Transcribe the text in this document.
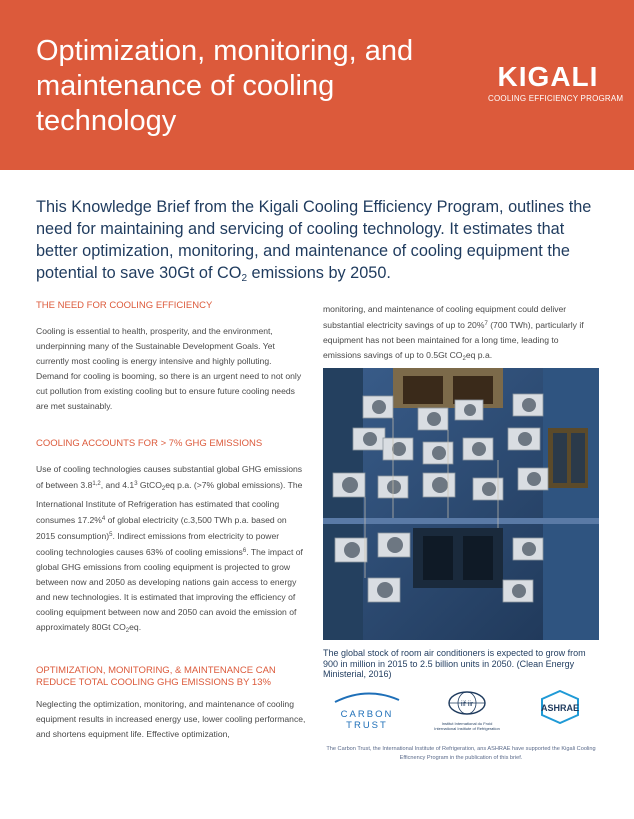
Optimization, monitoring, and maintenance of cooling technology
KIGALI
COOLING EFFICIENCY PROGRAM

This Knowledge Brief from the Kigali Cooling Efficiency Program, outlines the need for maintaining and servicing of cooling technology. It estimates that better optimization, monitoring, and maintenance of cooling equipment the potential to save 30Gt of $CO_2$ emissions by 2050.

THE NEED FOR COOLING EFFICIENCY

Cooling is essential to health, prosperity, and the environment, underpinning many of the Sustainable Development Goals. Yet currently most cooling is energy intensive and highly polluting. Demand for cooling is booming, so there is an urgent need to not only cut pollution from existing cooling but to ensure future cooling needs are met sustainably.

COOLING ACCOUNTS FOR > 7% GHG EMISSIONS

Use of cooling technologies causes substantial global GHG emissions of between 3.8$^{1,2}$, and $4.1^3$ GtCO$_2$eq p.a. (>7% global emissions). The International Institute of Refrigeration has estimated that cooling consumes 17.2%$^4$ of global electricity (c.3,500 TWh p.a. based on 2015 consumption)$^5$. Indirect emissions from electricity to power cooling technologies causes 63% of cooling emissions$^6$. The impact of global GHG emissions from cooling equipment is projected to grow between now and 2050 as developing nations gain access to energy and new technologies. It is estimated that improving the efficiency of cooling equipment between now and 2050 can avoid the emission of approximately 80Gt $CO_2eq$.

OPTIMIZATION, MONITORING, & MAINTENANCE CAN REDUCE TOTAL COOLING GHG EMISSIONS BY 13%

Neglecting the optimization, monitoring, and maintenance of cooling equipment results in increased energy use, lower cooling performance, and shortens equipment life. Effective optimization,

monitoring, and maintenance of cooling equipment could deliver substantial electricity savings of up to 20%$^7$ (700 TWh), particularly if equipment has not been maintained for a long time, leading to emissions savings of up to 0.5Gt $CO_2eq$ p.a.

The global stock of room air conditioners is expected to grow from 900 in million in 2015 to 2.5 billion units in 2050. (Clean Energy Ministerial, 2016)

CARBON
TRUST
iif iir
Institut International du Froid
International Institute of Refrigeration
ASHRAE

The Carbon Trust, the International Institute of Refrigeration, ans ASHRAE have supported the Kigali Cooling Efficnency Program in the publication of this brief.
